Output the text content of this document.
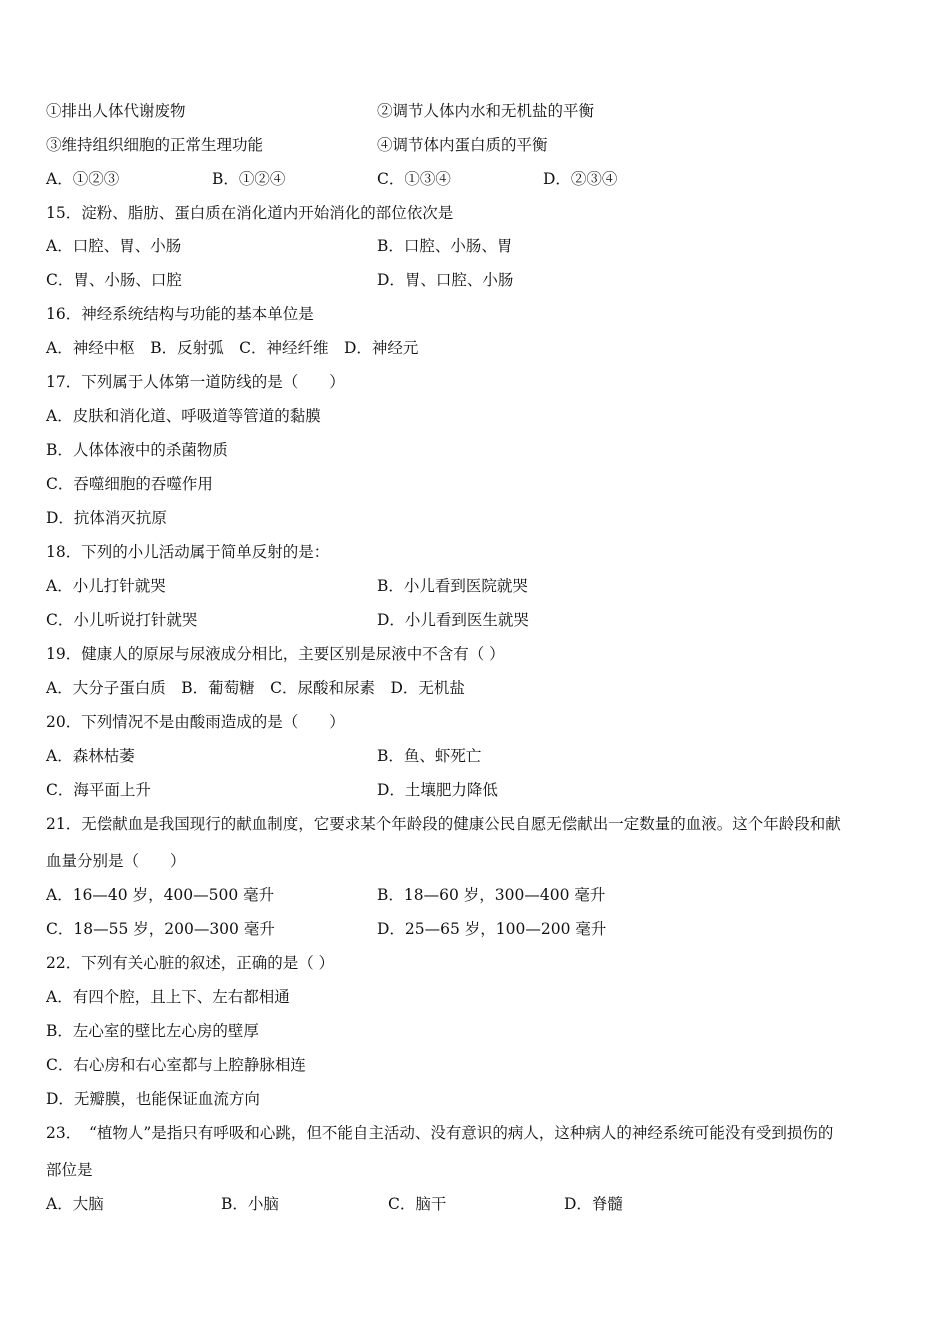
①排出人体代谢废物	②调节人体内水和无机盐的平衡
③维持组织细胞的正常生理功能	④调节体内蛋白质的平衡
A．①②③	B．①②④	C．①③④	D．②③④
15．淀粉、脂肪、蛋白质在消化道内开始消化的部位依次是
A．口腔、胃、小肠	B．口腔、小肠、胃
C．胃、小肠、口腔	D．胃、口腔、小肠
16．神经系统结构与功能的基本单位是
A．神经中枢　B．反射弧　C．神经纤维　D．神经元
17．下列属于人体第一道防线的是（　　）
A．皮肤和消化道、呼吸道等管道的黏膜
B．人体体液中的杀菌物质
C．吞噬细胞的吞噬作用
D．抗体消灭抗原
18．下列的小儿活动属于简单反射的是：
A．小儿打针就哭	B．小儿看到医院就哭
C．小儿听说打针就哭	D．小儿看到医生就哭
19．健康人的原尿与尿液成分相比，主要区别是尿液中不含有（ ）
A．大分子蛋白质　B．葡萄糖　C．尿酸和尿素　D．无机盐
20．下列情况不是由酸雨造成的是（　　）
A．森林枯萎	B．鱼、虾死亡
C．海平面上升	D．土壤肥力降低
21．无偿献血是我国现行的献血制度，它要求某个年龄段的健康公民自愿无偿献出一定数量的血液。这个年龄段和献
血量分别是（　　）
A．16—40 岁，400—500 毫升	B．18—60 岁，300—400 毫升
C．18—55 岁，200—300 毫升	D．25—65 岁，100—200 毫升
22．下列有关心脏的叙述，正确的是（ ）
A．有四个腔，且上下、左右都相通
B．左心室的壁比左心房的壁厚
C．右心房和右心室都与上腔静脉相连
D．无瓣膜，也能保证血流方向
23．　“植物人”是指只有呼吸和心跳，但不能自主活动、没有意识的病人，这种病人的神经系统可能没有受到损伤的
部位是
A．大脑	B．小脑	C．脑干	D．脊髓
